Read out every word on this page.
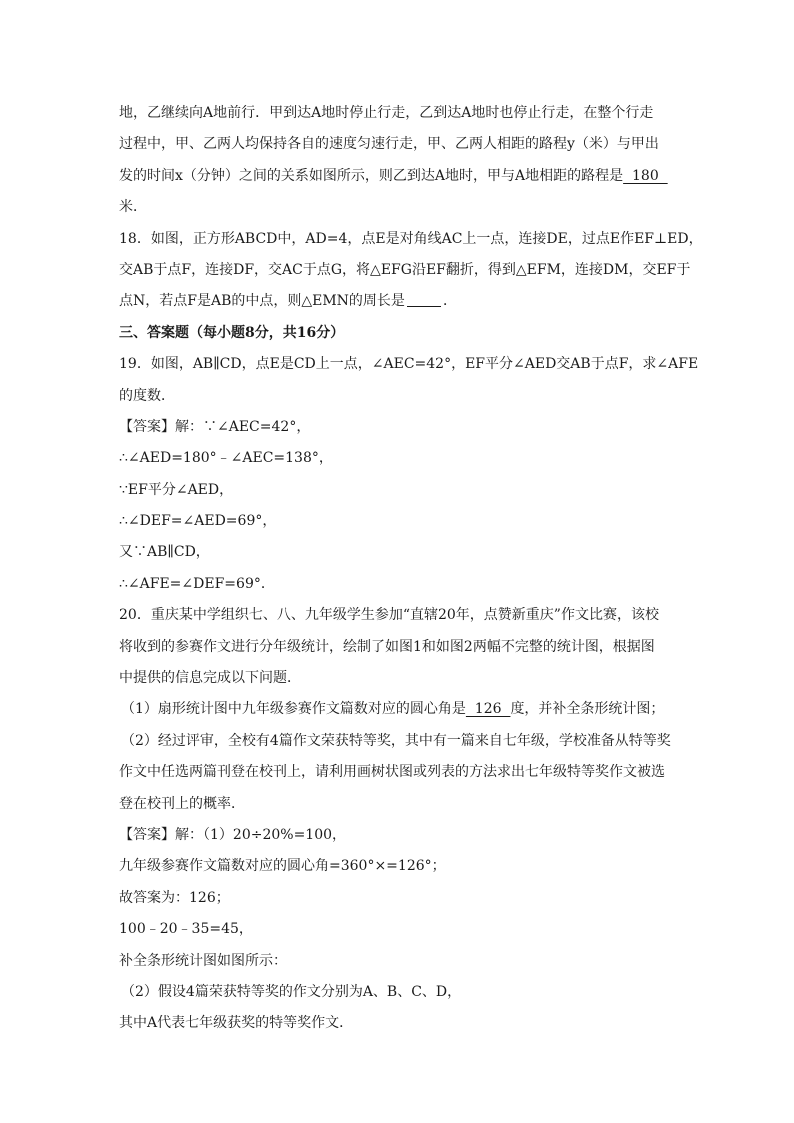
地，乙继续向A地前行．甲到达A地时停止行走，乙到达A地时也停止行走，在整个行走
过程中，甲、乙两人均保持各自的速度匀速行走，甲、乙两人相距的路程y（米）与甲出
发的时间x（分钟）之间的关系如图所示，则乙到达A地时，甲与A地相距的路程是  180
米．
18．如图，正方形ABCD中，AD=4，点E是对角线AC上一点，连接DE，过点E作EF⊥ED，
交AB于点F，连接DF，交AC于点G，将△EFG沿EF翻折，得到△EFM，连接DM，交EF于
点N，若点F是AB的中点，则△EMN的周长是	．
三、答案题（每小题8分，共16分）
19．如图，AB∥CD，点E是CD上一点，∠AEC=42°，EF平分∠AED交AB于点F，求∠AFE
的度数．
【答案】解：∵∠AEC=42°，
∴∠AED=180°﹣∠AEC=138°，
∵EF平分∠AED，
∴∠DEF=∠AED=69°，
又∵AB∥CD，
∴∠AFE=∠DEF=69°．
20．重庆某中学组织七、八、九年级学生参加“直辖20年，点赞新重庆”作文比赛，该校
将收到的参赛作文进行分年级统计，绘制了如图1和如图2两幅不完整的统计图，根据图
中提供的信息完成以下问题．
（1）扇形统计图中九年级参赛作文篇数对应的圆心角是  126  度，并补全条形统计图；
（2）经过评审，全校有4篇作文荣获特等奖，其中有一篇来自七年级，学校准备从特等奖
作文中任选两篇刊登在校刊上，请利用画树状图或列表的方法求出七年级特等奖作文被选
登在校刊上的概率．
【答案】解：（1）20÷20%=100，
九年级参赛作文篇数对应的圆心角=360°×=126°；
故答案为：126；
100﹣20﹣35=45，
补全条形统计图如图所示：
（2）假设4篇荣获特等奖的作文分别为A、B、C、D，
其中A代表七年级获奖的特等奖作文．
